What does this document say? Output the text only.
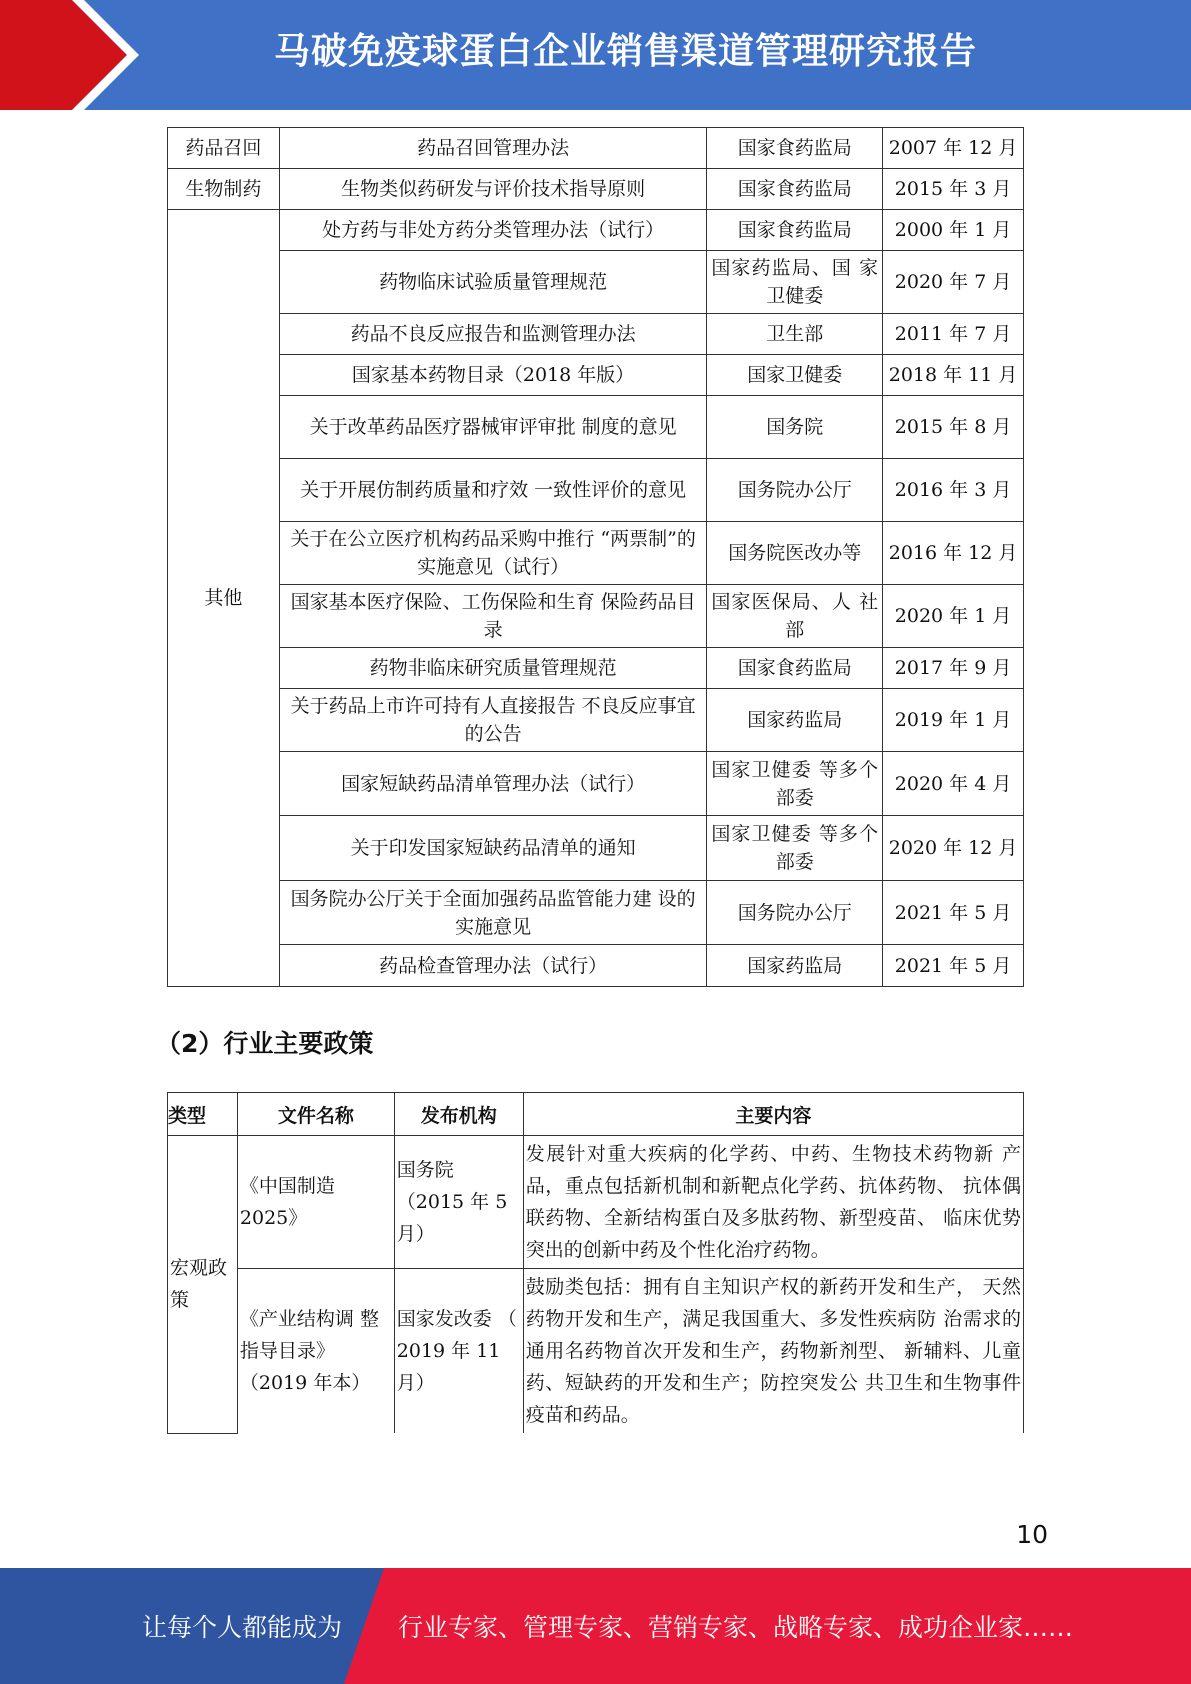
马破免疫球蛋白企业销售渠道管理研究报告
药品召回	药品召回管理办法	国家食药监局	2007 年 12 月
生物制药	生物类似药研发与评价技术指导原则	国家食药监局	2015 年 3 月
其他	处方药与非处方药分类管理办法（试行）	国家食药监局	2000 年 1 月
	药物临床试验质量管理规范	国家药监局、国 家卫健委	2020 年 7 月
	药品不良反应报告和监测管理办法	卫生部	2011 年 7 月
	国家基本药物目录（2018 年版）	国家卫健委	2018 年 11 月
	关于改革药品医疗器械审评审批 制度的意见	国务院	2015 年 8 月
	关于开展仿制药质量和疗效 一致性评价的意见	国务院办公厅	2016 年 3 月
	关于在公立医疗机构药品采购中推行 “两票制”的实施意见（试行）	国务院医改办等	2016 年 12 月
	国家基本医疗保险、工伤保险和生育 保险药品目录	国家医保局、人 社部	2020 年 1 月
	药物非临床研究质量管理规范	国家食药监局	2017 年 9 月
	关于药品上市许可持有人直接报告 不良反应事宜的公告	国家药监局	2019 年 1 月
	国家短缺药品清单管理办法（试行）	国家卫健委 等多个部委	2020 年 4 月
	关于印发国家短缺药品清单的通知	国家卫健委 等多个部委	2020 年 12 月
	国务院办公厅关于全面加强药品监管能力建 设的实施意见	国务院办公厅	2021 年 5 月
	药品检查管理办法（试行）	国家药监局	2021 年 5 月
（2）行业主要政策
类型	文件名称	发布机构	主要内容
宏观政策	《中国制造 2025》	国务院 （2015 年 5 月）	发展针对重大疾病的化学药、中药、生物技术药物新 产品，重点包括新机制和新靶点化学药、抗体药物、 抗体偶联药物、全新结构蛋白及多肽药物、新型疫苗、 临床优势突出的创新中药及个性化治疗药物。
	《产业结构调 整指导目录》（2019 年本）	国家发改委 （ 2019 年 11 月）	鼓励类包括：拥有自主知识产权的新药开发和生产， 天然药物开发和生产，满足我国重大、多发性疾病防 治需求的通用名药物首次开发和生产，药物新剂型、 新辅料、儿童药、短缺药的开发和生产；防控突发公 共卫生和生物事件疫苗和药品。
10
让每个人都能成为 行业专家、管理专家、营销专家、战略专家、成功企业家……
